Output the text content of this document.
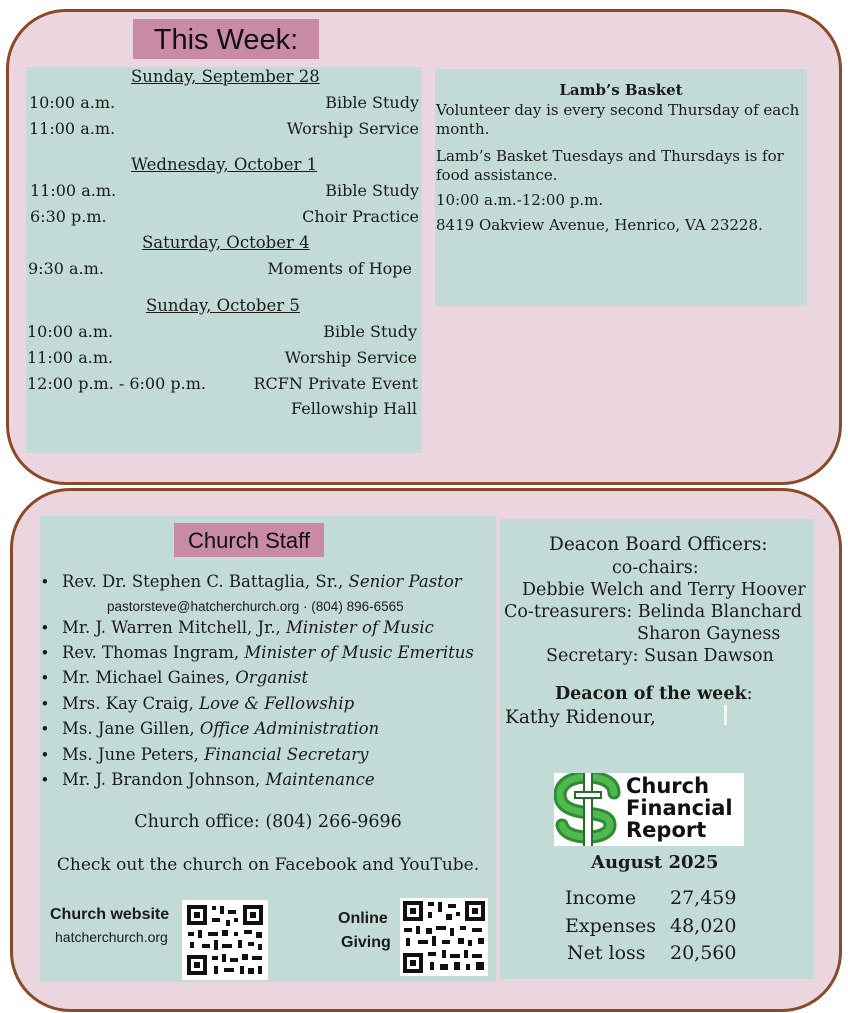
This Week:
Sunday, September 28
10:00 a.m.	Bible Study
11:00 a.m.	Worship Service
Wednesday, October 1
11:00 a.m.	Bible Study
6:30 p.m.	Choir Practice
Saturday, October 4
9:30 a.m.	Moments of Hope
Sunday, October 5
10:00 a.m.	Bible Study
11:00 a.m.	Worship Service
12:00 p.m. - 6:00 p.m.	RCFN Private Event
Fellowship Hall
Lamb’s Basket
Volunteer day is every second Thursday of each month.
Lamb’s Basket Tuesdays and Thursdays is for food assistance.
10:00 a.m.-12:00 p.m.
8419 Oakview Avenue, Henrico, VA 23228.
• Rev. Dr. Stephen C. Battaglia, Sr., Senior Pastor
pastorsteve@hatcherchurch.org · (804) 896-6565
• Mr. J. Warren Mitchell, Jr., Minister of Music
• Rev. Thomas Ingram, Minister of Music Emeritus
• Mr. Michael Gaines, Organist
• Mrs. Kay Craig, Love & Fellowship
• Ms. Jane Gillen, Office Administration
• Ms. June Peters, Financial Secretary
• Mr. J. Brandon Johnson, Maintenance
Church office: (804) 266-9696
Check out the church on Facebook and YouTube.
Church website
hatcherchurch.org
Online
Giving
Church Staff	Deacon Board Officers:
co-chairs:
Debbie Welch and Terry Hoover
Co-treasurers: Belinda Blanchard
Sharon Gayness
Secretary: Susan Dawson
Deacon of the week:
Kathy Ridenour,
August 2025
Income 27,459
Expenses 48,020
Net loss 20,560
Church
Financial
Report
